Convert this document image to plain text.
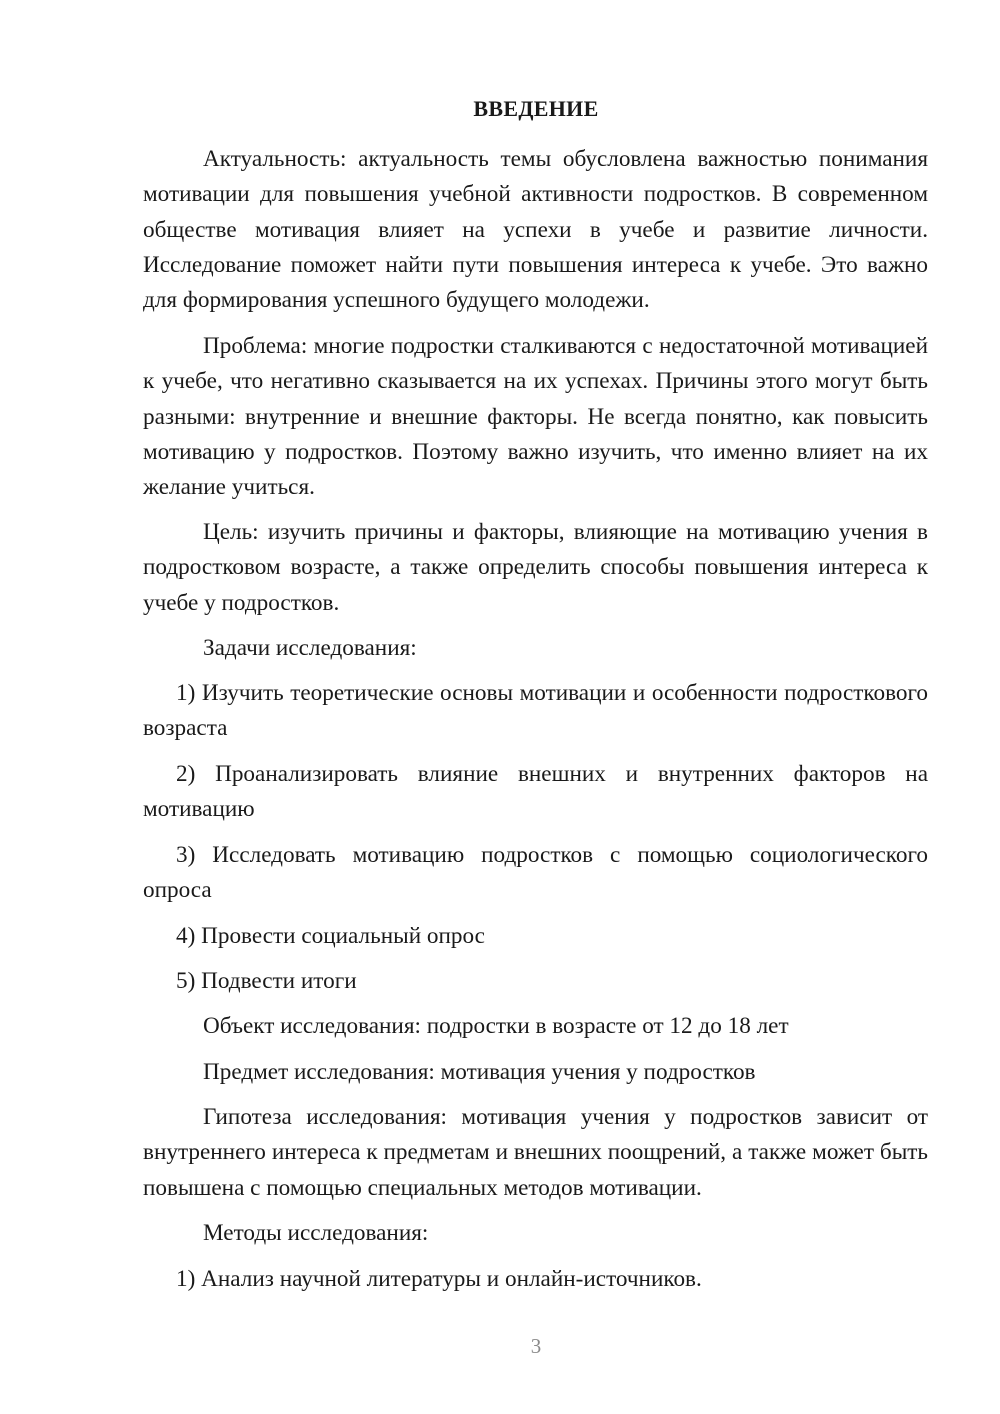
ВВЕДЕНИЕ

Актуальность: актуальность темы обусловлена важностью понимания мотивации для повышения учебной активности подростков. В современном обществе мотивация влияет на успехи в учебе и развитие личности. Исследование поможет найти пути повышения интереса к учебе. Это важно для формирования успешного будущего молодежи.

Проблема: многие подростки сталкиваются с недостаточной мотивацией к учебе, что негативно сказывается на их успехах. Причины этого могут быть разными: внутренние и внешние факторы. Не всегда понятно, как повысить мотивацию у подростков. Поэтому важно изучить, что именно влияет на их желание учиться.

Цель: изучить причины и факторы, влияющие на мотивацию учения в подростковом возрасте, а также определить способы повышения интереса к учебе у подростков.

Задачи исследования:

1) Изучить теоретические основы мотивации и особенности подросткового возраста

2) Проанализировать влияние внешних и внутренних факторов на мотивацию

3) Исследовать мотивацию подростков с помощью социологического опроса

4) Провести социальный опрос

5) Подвести итоги

Объект исследования: подростки в возрасте от 12 до 18 лет

Предмет исследования: мотивация учения у подростков

Гипотеза исследования: мотивация учения у подростков зависит от внутреннего интереса к предметам и внешних поощрений, а также может быть повышена с помощью специальных методов мотивации.

Методы исследования:

1) Анализ научной литературы и онлайн-источников.

3
